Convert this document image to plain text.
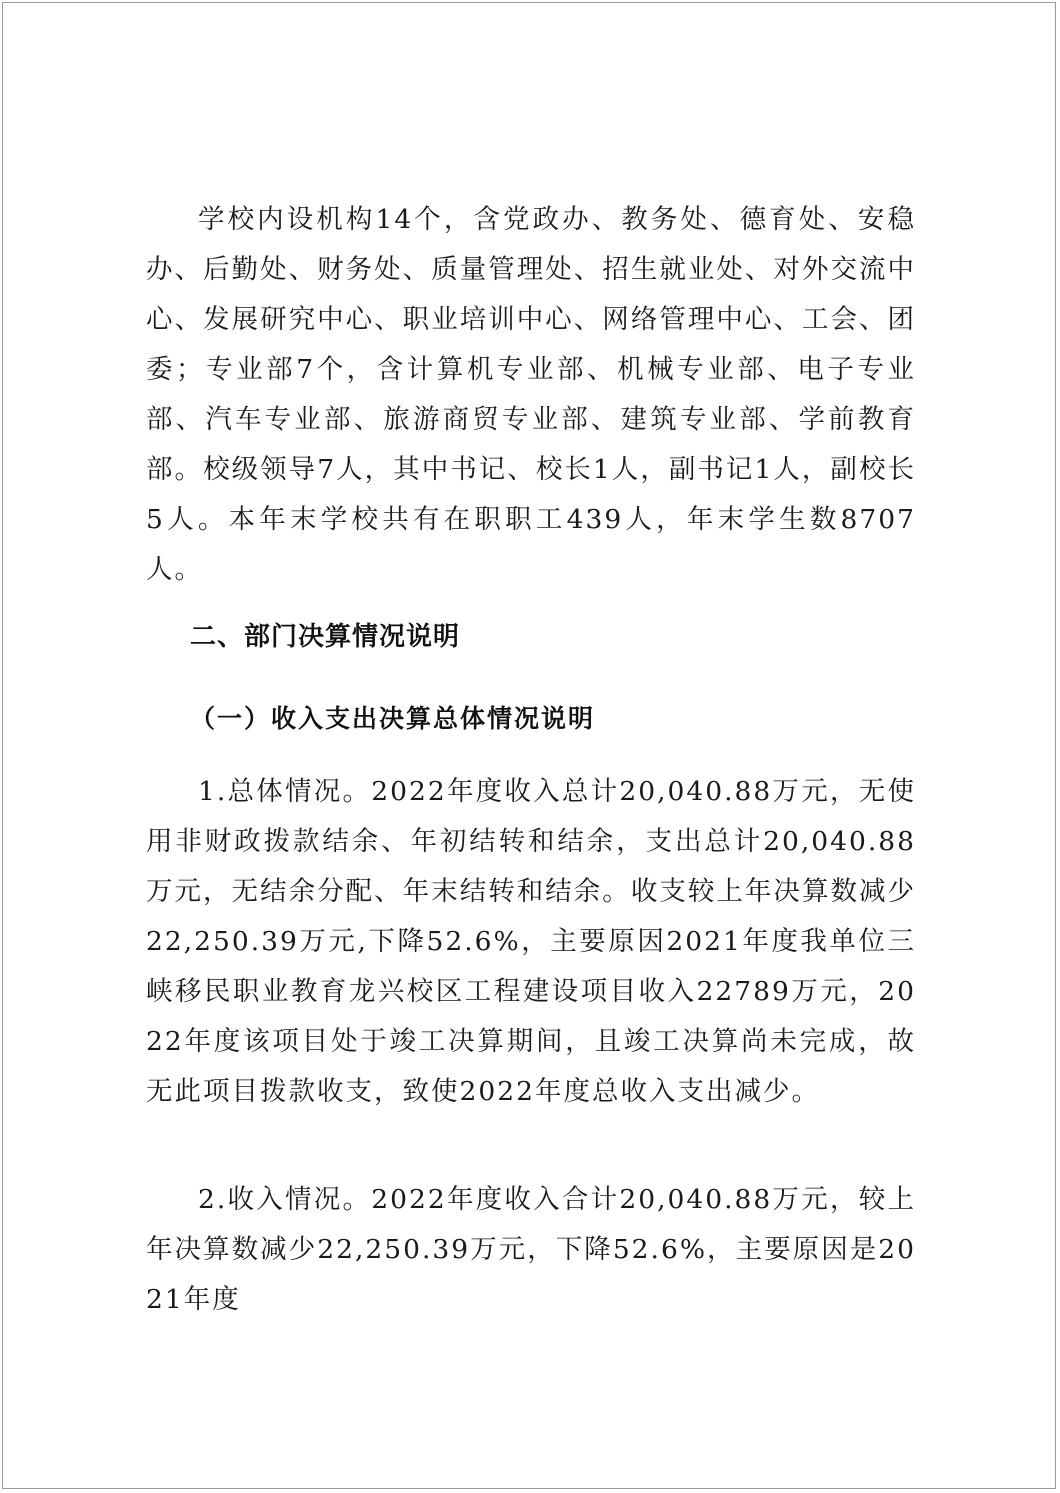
学校内设机构14个，含党政办、教务处、德育处、安稳办、后勤处、财务处、质量管理处、招生就业处、对外交流中心、发展研究中心、职业培训中心、网络管理中心、工会、团委；专业部7个，含计算机专业部、机械专业部、电子专业部、汽车专业部、旅游商贸专业部、建筑专业部、学前教育部。校级领导7人，其中书记、校长1人，副书记1人，副校长5人。本年末学校共有在职职工439人，年末学生数8707人。

二、部门决算情况说明
（一）收入支出决算总体情况说明

1.总体情况。2022年度收入总计20,040.88万元，无使用非财政拨款结余、年初结转和结余，支出总计20,040.88万元，无结余分配、年末结转和结余。收支较上年决算数减少22,250.39万元,下降52.6%，主要原因2021年度我单位三峡移民职业教育龙兴校区工程建设项目收入22789万元，2022年度该项目处于竣工决算期间，且竣工决算尚未完成，故无此项目拨款收支，致使2022年度总收入支出减少。

2.收入情况。2022年度收入合计20,040.88万元，较上年决算数减少22,250.39万元，下降52.6%，主要原因是2021年度
